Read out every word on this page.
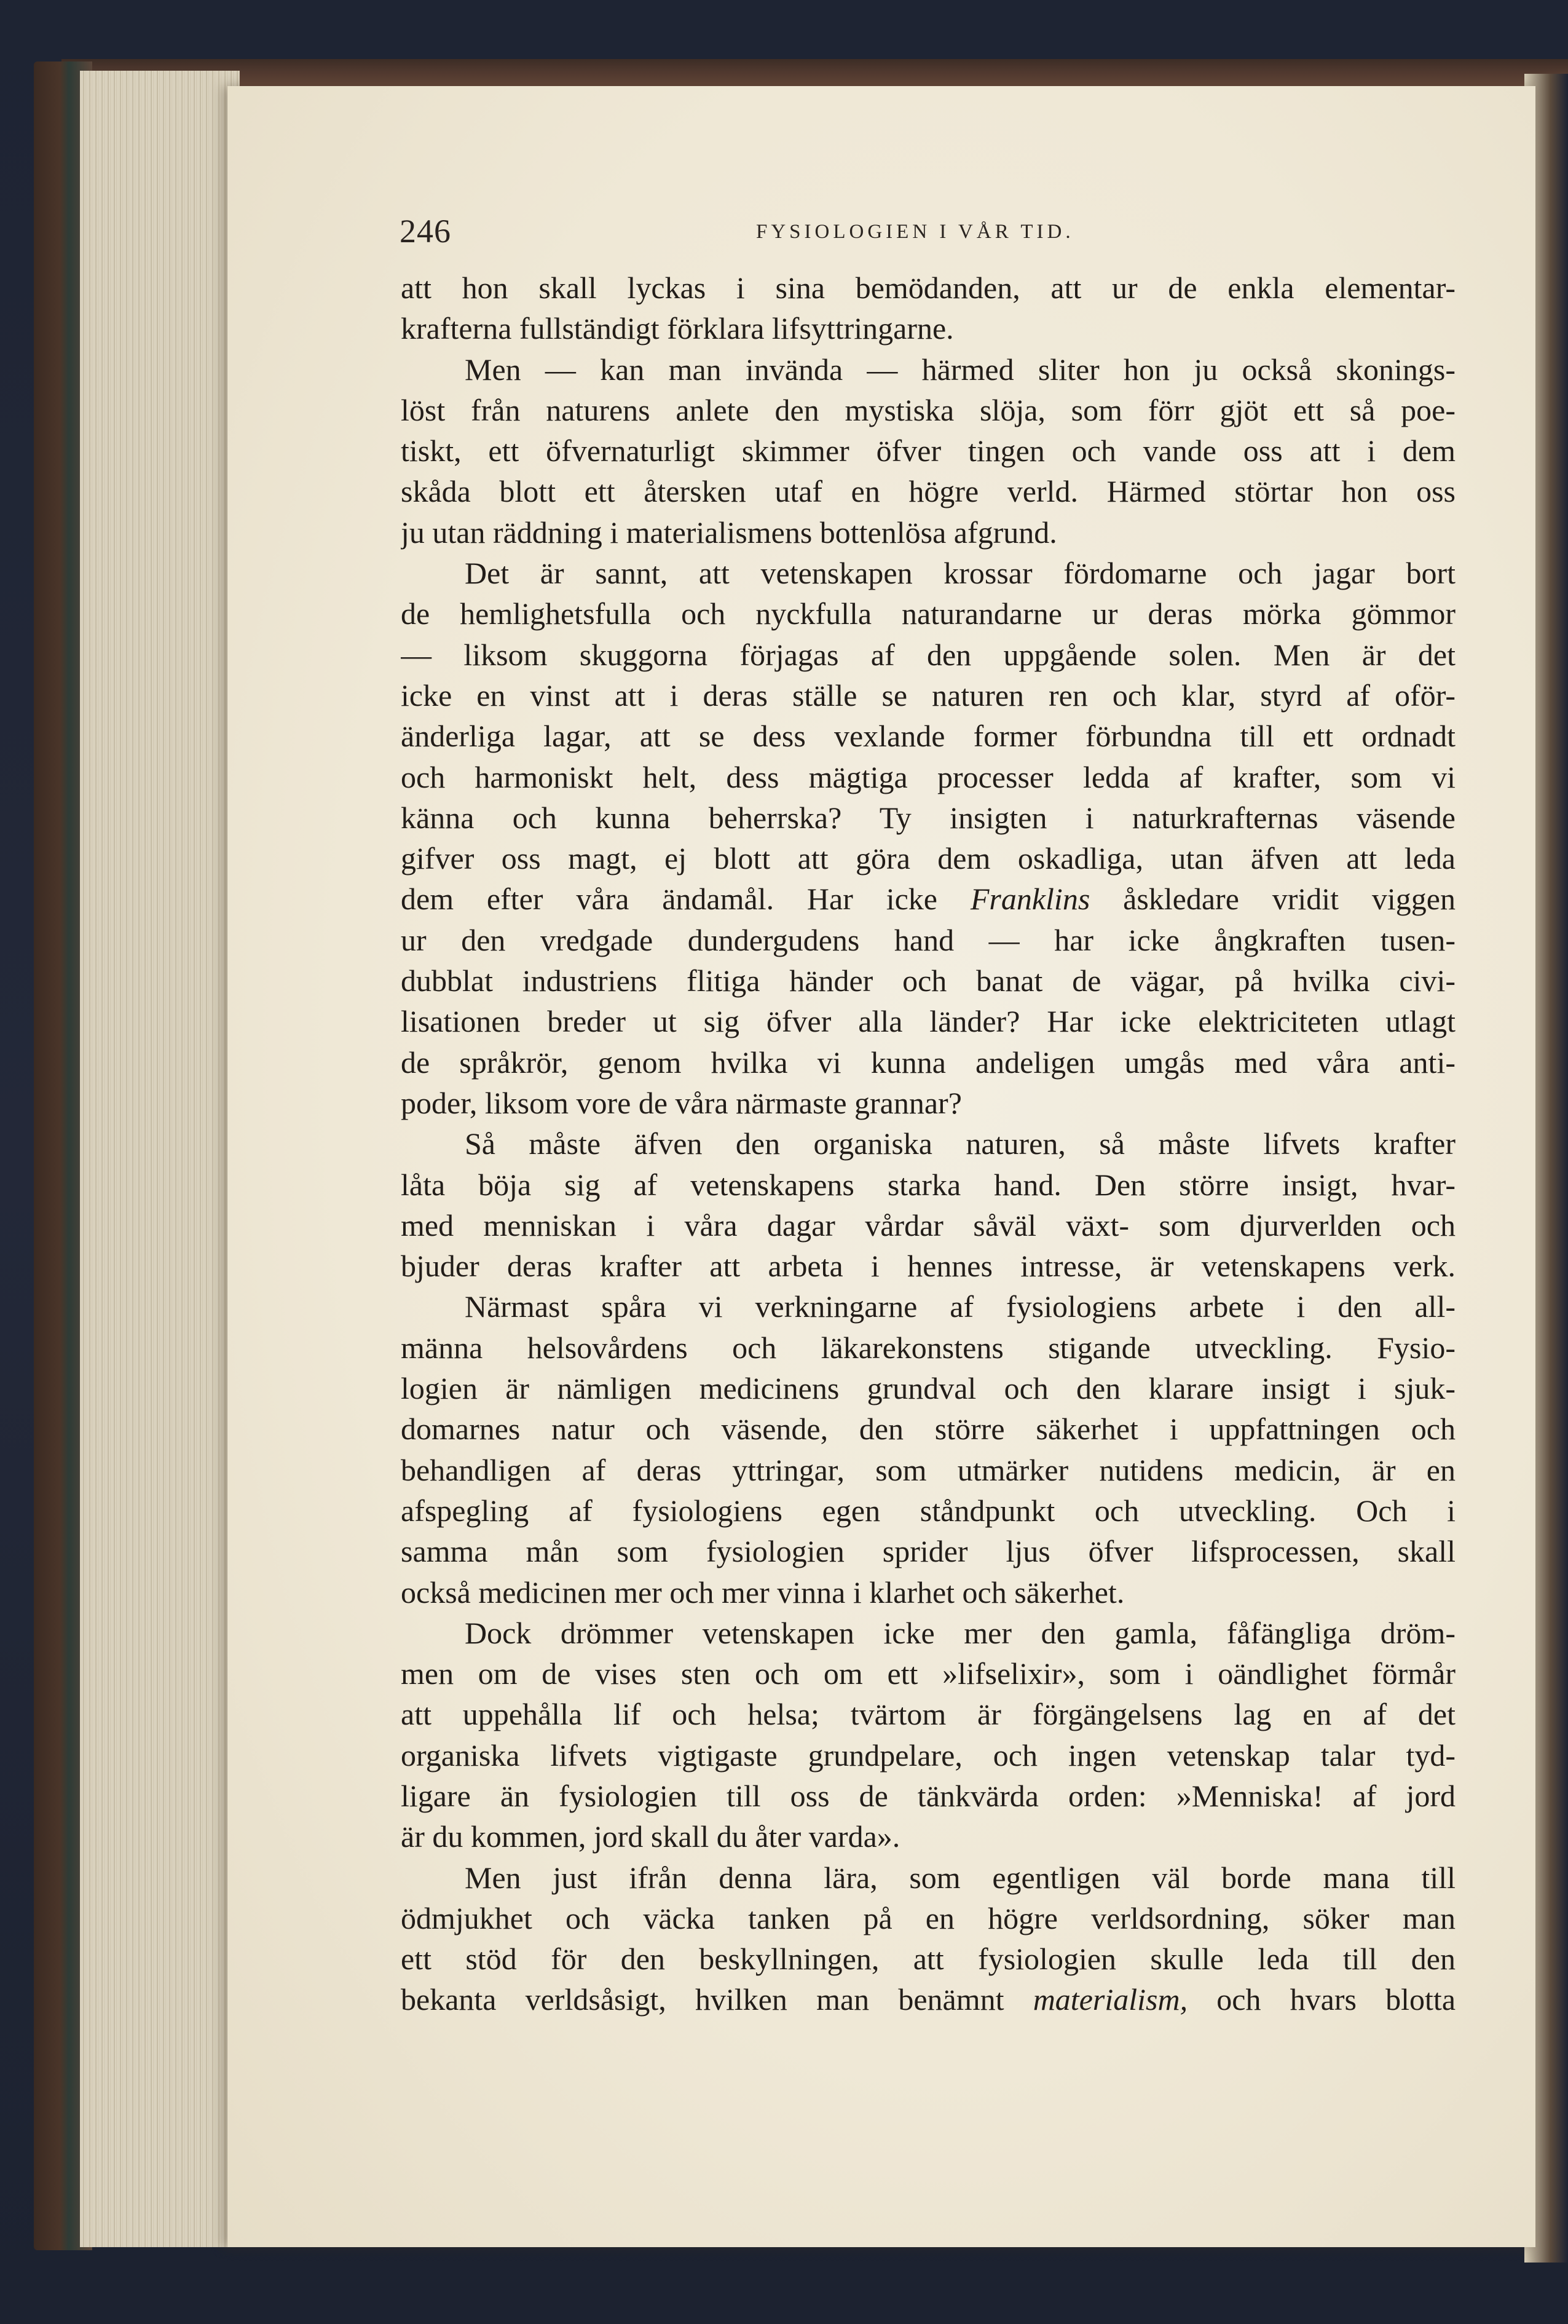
246	FYSIOLOGIEN I VÅR TID.
att hon skall lyckas i sina bemödanden, att ur de enkla elementar-
krafterna fullständigt förklara lifsyttringarne.
Men — kan man invända — härmed sliter hon ju också skonings-
löst från naturens anlete den mystiska slöja, som förr gjöt ett så poe-
tiskt, ett öfvernaturligt skimmer öfver tingen och vande oss att i dem
skåda blott ett återsken utaf en högre verld. Härmed störtar hon oss
ju utan räddning i materialismens bottenlösa afgrund.
Det är sannt, att vetenskapen krossar fördomarne och jagar bort
de hemlighetsfulla och nyckfulla naturandarne ur deras mörka gömmor
— liksom skuggorna förjagas af den uppgående solen. Men är det
icke en vinst att i deras ställe se naturen ren och klar, styrd af oför-
änderliga lagar, att se dess vexlande former förbundna till ett ordnadt
och harmoniskt helt, dess mägtiga processer ledda af krafter, som vi
känna och kunna beherrska? Ty insigten i naturkrafternas väsende
gifver oss magt, ej blott att göra dem oskadliga, utan äfven att leda
dem efter våra ändamål. Har icke Franklins åskledare vridit viggen
ur den vredgade dundergudens hand — har icke ångkraften tusen-
dubblat industriens flitiga händer och banat de vägar, på hvilka civi-
lisationen breder ut sig öfver alla länder? Har icke elektriciteten utlagt
de språkrör, genom hvilka vi kunna andeligen umgås med våra anti-
poder, liksom vore de våra närmaste grannar?
Så måste äfven den organiska naturen, så måste lifvets krafter
låta böja sig af vetenskapens starka hand. Den större insigt, hvar-
med menniskan i våra dagar vårdar såväl växt- som djurverlden och
bjuder deras krafter att arbeta i hennes intresse, är vetenskapens verk.
Närmast spåra vi verkningarne af fysiologiens arbete i den all-
männa helsovårdens och läkarekonstens stigande utveckling. Fysio-
logien är nämligen medicinens grundval och den klarare insigt i sjuk-
domarnes natur och väsende, den större säkerhet i uppfattningen och
behandligen af deras yttringar, som utmärker nutidens medicin, är en
afspegling af fysiologiens egen ståndpunkt och utveckling. Och i
samma mån som fysiologien sprider ljus öfver lifsprocessen, skall
också medicinen mer och mer vinna i klarhet och säkerhet.
Dock drömmer vetenskapen icke mer den gamla, fåfängliga dröm-
men om de vises sten och om ett »lifselixir», som i oändlighet förmår
att uppehålla lif och helsa; tvärtom är förgängelsens lag en af det
organiska lifvets vigtigaste grundpelare, och ingen vetenskap talar tyd-
ligare än fysiologien till oss de tänkvärda orden: »Menniska! af jord
är du kommen, jord skall du åter varda».
Men just ifrån denna lära, som egentligen väl borde mana till
ödmjukhet och väcka tanken på en högre verldsordning, söker man
ett stöd för den beskyllningen, att fysiologien skulle leda till den
bekanta verldsåsigt, hvilken man benämnt materialism, och hvars blotta
